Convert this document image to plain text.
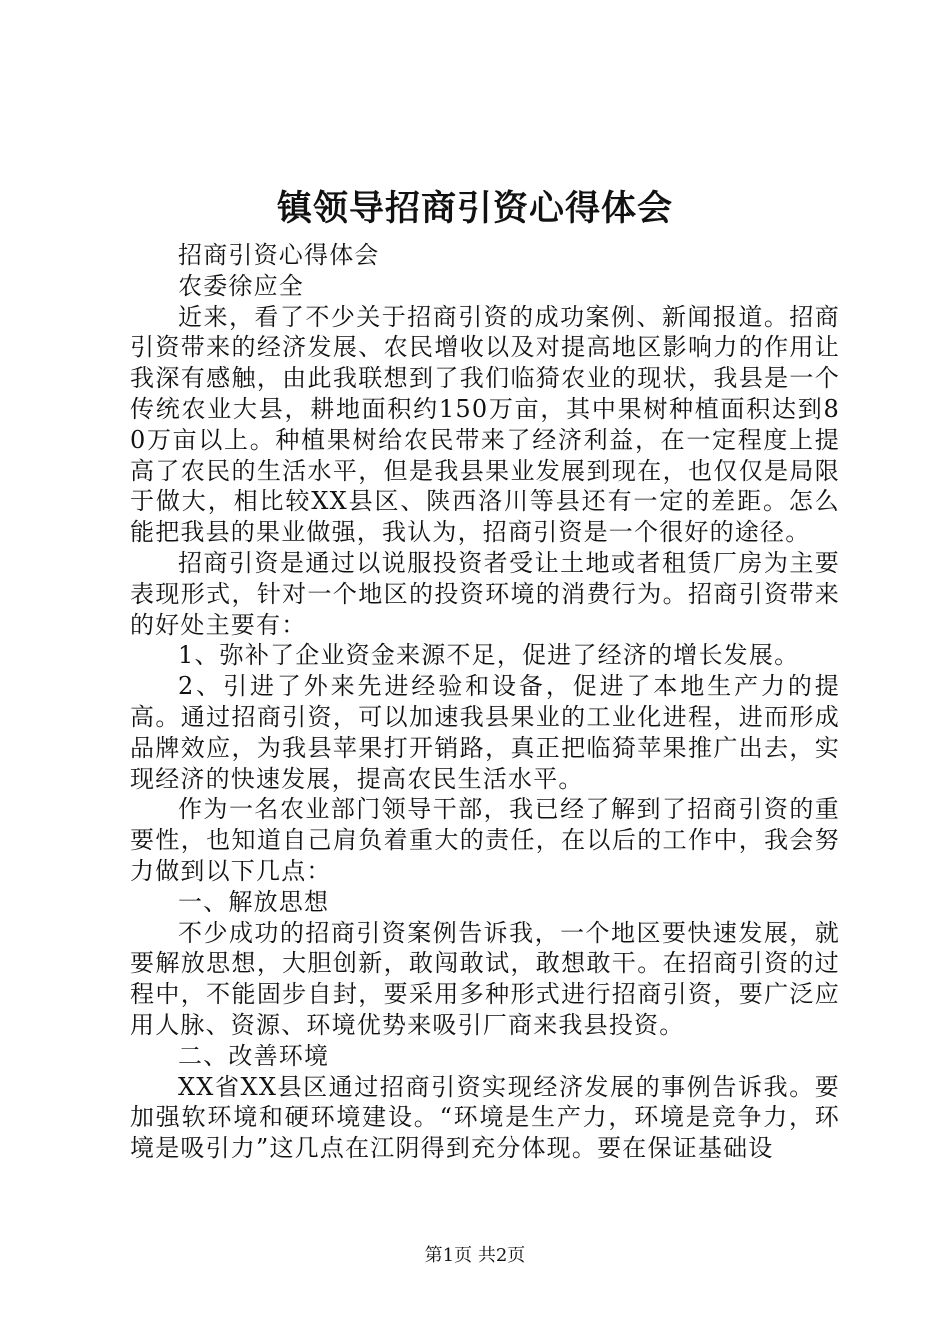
镇领导招商引资心得体会

招商引资心得体会

农委徐应全

近来，看了不少关于招商引资的成功案例、新闻报道。招商引资带来的经济发展、农民增收以及对提高地区影响力的作用让我深有感触，由此我联想到了我们临猗农业的现状，我县是一个传统农业大县，耕地面积约150万亩，其中果树种植面积达到80万亩以上。种植果树给农民带来了经济利益，在一定程度上提高了农民的生活水平，但是我县果业发展到现在，也仅仅是局限于做大，相比较XX县区、陕西洛川等县还有一定的差距。怎么能把我县的果业做强，我认为，招商引资是一个很好的途径。

招商引资是通过以说服投资者受让土地或者租赁厂房为主要表现形式，针对一个地区的投资环境的消费行为。招商引资带来的好处主要有：

1、弥补了企业资金来源不足，促进了经济的增长发展。

2、引进了外来先进经验和设备，促进了本地生产力的提高。通过招商引资，可以加速我县果业的工业化进程，进而形成品牌效应，为我县苹果打开销路，真正把临猗苹果推广出去，实现经济的快速发展，提高农民生活水平。

作为一名农业部门领导干部，我已经了解到了招商引资的重要性，也知道自己肩负着重大的责任，在以后的工作中，我会努力做到以下几点：

一、解放思想

不少成功的招商引资案例告诉我，一个地区要快速发展，就要解放思想，大胆创新，敢闯敢试，敢想敢干。在招商引资的过程中，不能固步自封，要采用多种形式进行招商引资，要广泛应用人脉、资源、环境优势来吸引厂商来我县投资。

二、改善环境

XX省XX县区通过招商引资实现经济发展的事例告诉我。要加强软环境和硬环境建设。“环境是生产力，环境是竞争力，环境是吸引力”这几点在江阴得到充分体现。要在保证基础设

第1页 共2页
